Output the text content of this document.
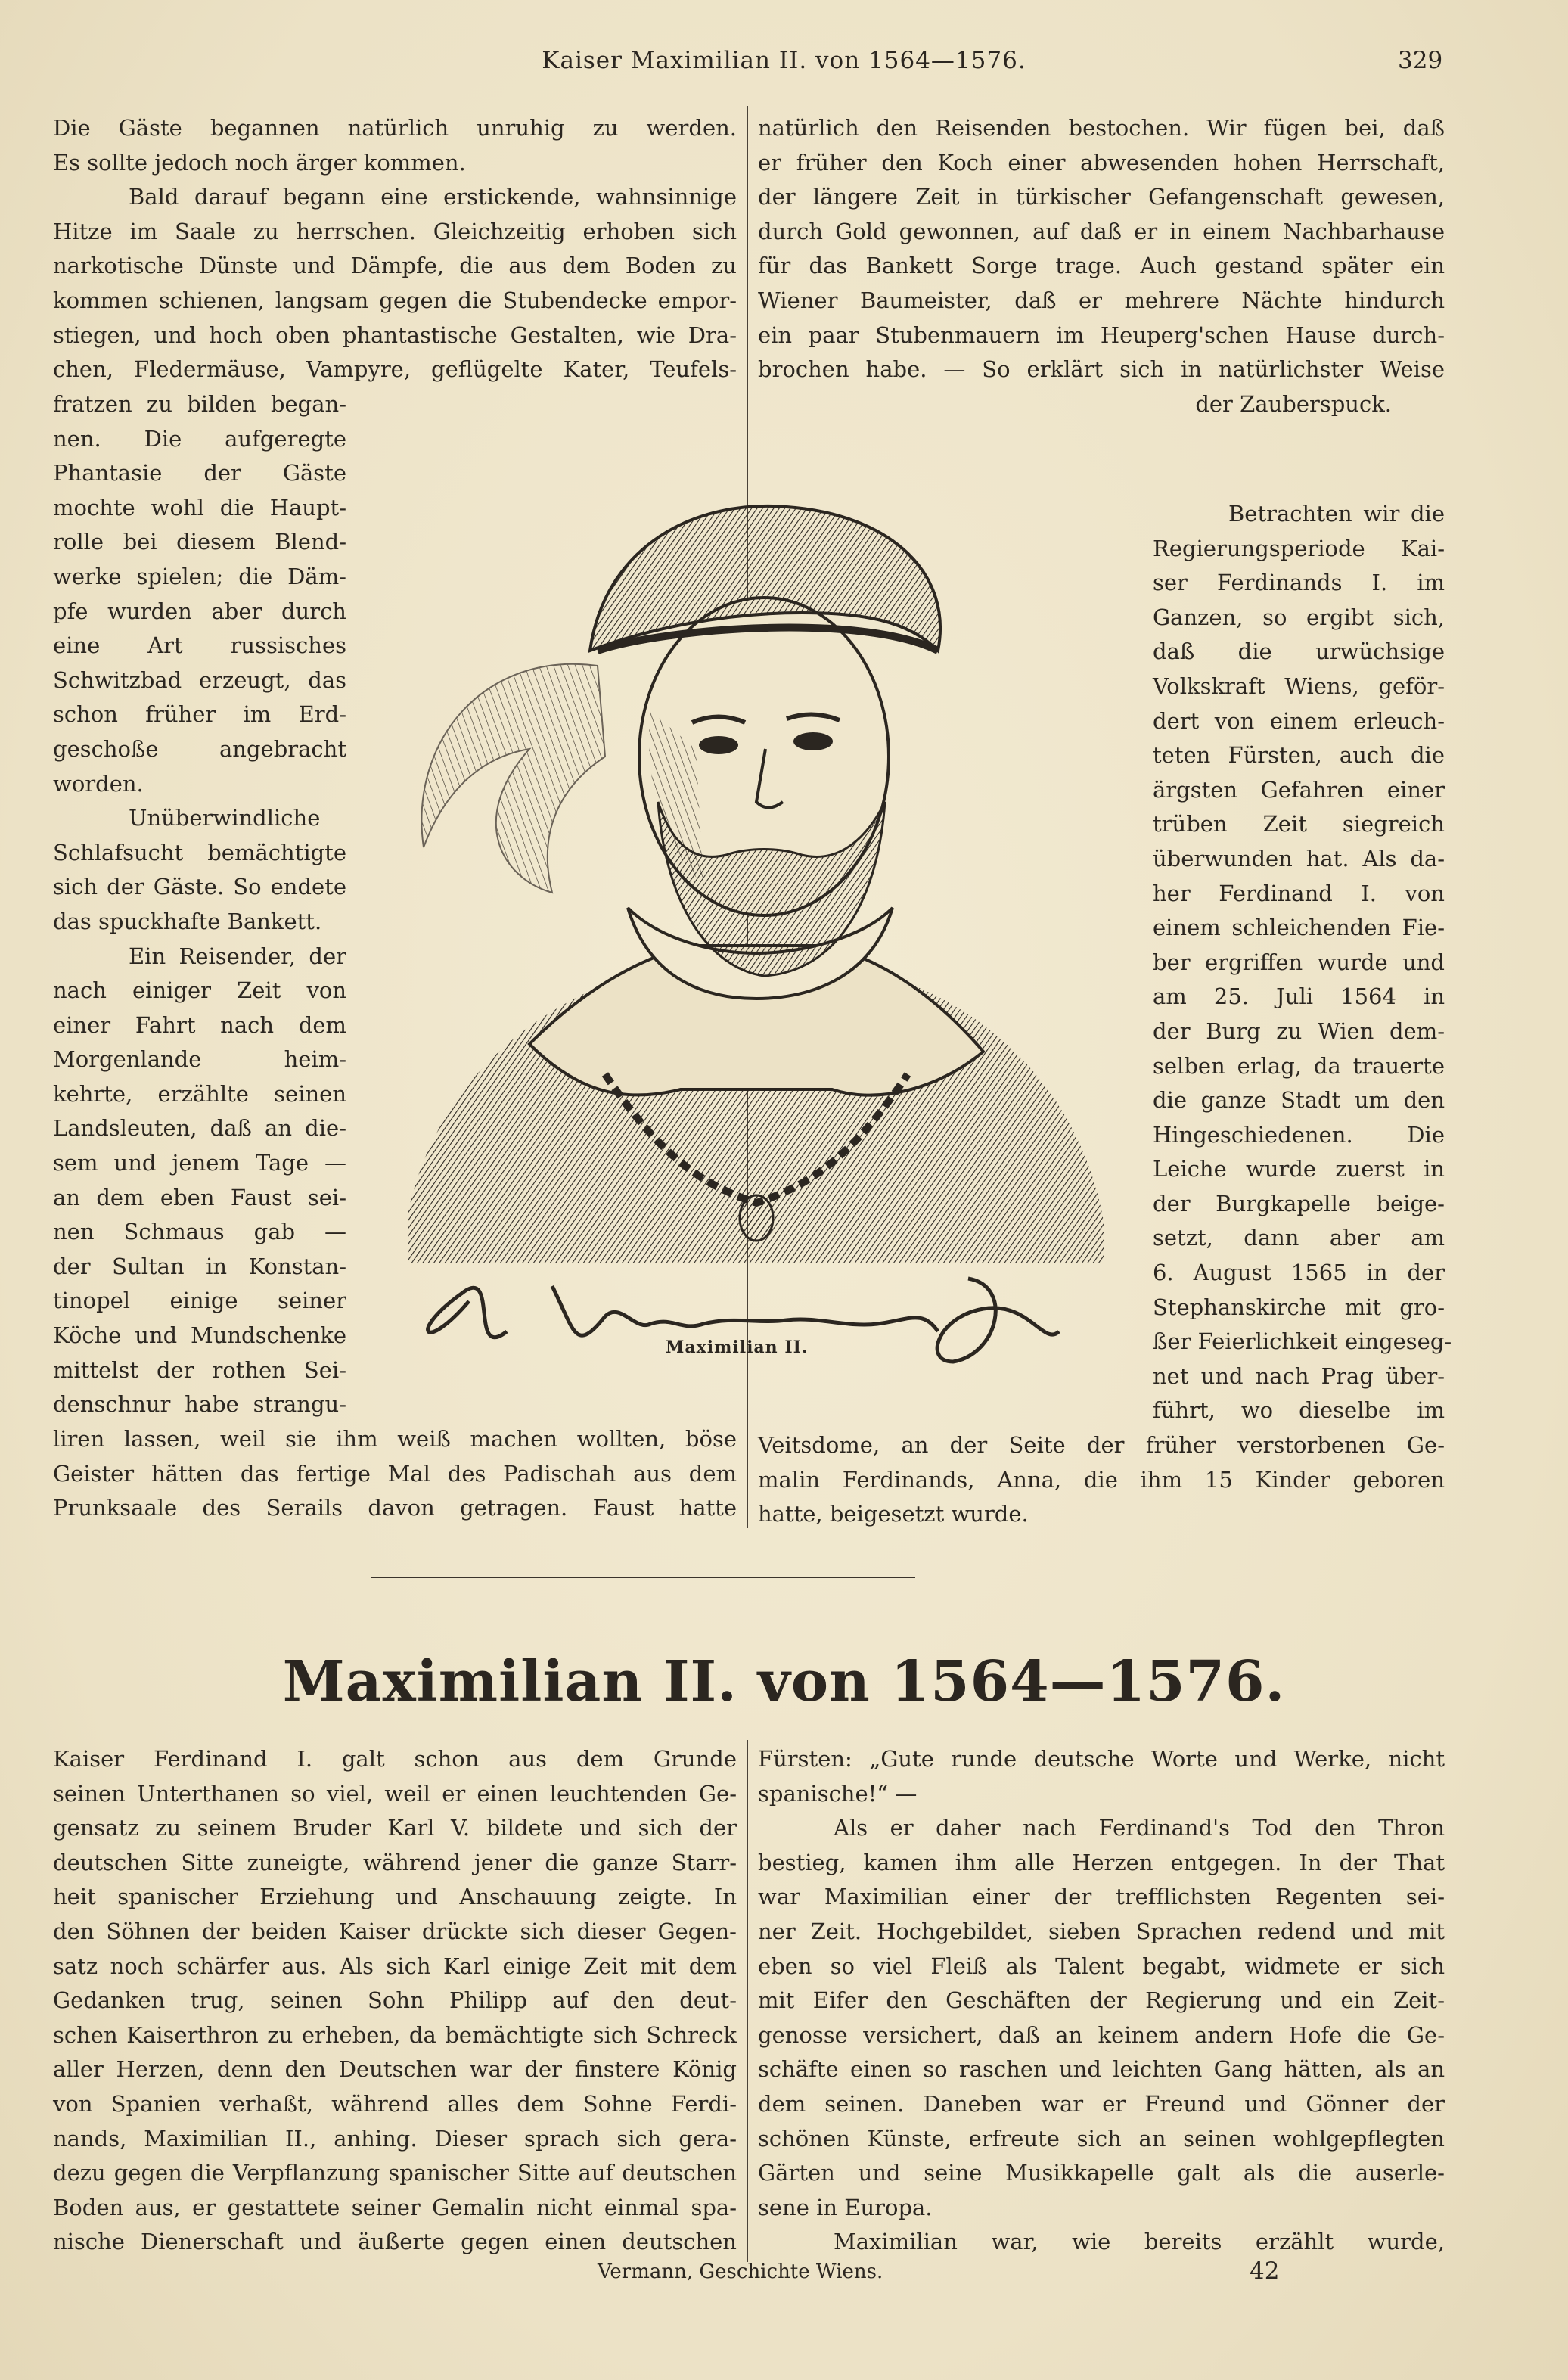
Kaiser Maximilian II. von 1564—1576.	329
Die Gäste begannen natürlich unruhig zu werden.
Es sollte jedoch noch ärger kommen.
Bald darauf begann eine erstickende, wahnsinnige
Hitze im Saale zu herrschen. Gleichzeitig erhoben sich
narkotische Dünste und Dämpfe, die aus dem Boden zu
kommen schienen, langsam gegen die Stubendecke empor-
stiegen, und hoch oben phantastische Gestalten, wie Dra-
chen, Fledermäuse, Vampyre, geflügelte Kater, Teufels-
fratzen zu bilden began-
nen. Die aufgeregte
Phantasie der Gäste
mochte wohl die Haupt-
rolle bei diesem Blend-
werke spielen; die Däm-
pfe wurden aber durch
eine Art russisches
Schwitzbad erzeugt, das
schon früher im Erd-
geschoße angebracht
worden.
Unüberwindliche
Schlafsucht bemächtigte
sich der Gäste. So endete
das spuckhafte Bankett.
Ein Reisender, der
nach einiger Zeit von
einer Fahrt nach dem
Morgenlande heim-
kehrte, erzählte seinen
Landsleuten, daß an die-
sem und jenem Tage —
an dem eben Faust sei-
nen Schmaus gab —
der Sultan in Konstan-
tinopel einige seiner
Köche und Mundschenke
mittelst der rothen Sei-
denschnur habe strangu-
liren lassen, weil sie ihm weiß machen wollten, böse
Geister hätten das fertige Mal des Padischah aus dem
Prunksaale des Serails davon getragen. Faust hatte
natürlich den Reisenden bestochen. Wir fügen bei, daß
er früher den Koch einer abwesenden hohen Herrschaft,
der längere Zeit in türkischer Gefangenschaft gewesen,
durch Gold gewonnen, auf daß er in einem Nachbarhause
für das Bankett Sorge trage. Auch gestand später ein
Wiener Baumeister, daß er mehrere Nächte hindurch
ein paar Stubenmauern im Heuperg'schen Hause durch-
brochen habe. — So erklärt sich in natürlichster Weise
der Zauberspuck.
Betrachten wir die
Regierungsperiode Kai-
ser Ferdinands I. im
Ganzen, so ergibt sich,
daß die urwüchsige
Volkskraft Wiens, geför-
dert von einem erleuch-
teten Fürsten, auch die
ärgsten Gefahren einer
trüben Zeit siegreich
überwunden hat. Als da-
her Ferdinand I. von
einem schleichenden Fie-
ber ergriffen wurde und
am 25. Juli 1564 in
der Burg zu Wien dem-
selben erlag, da trauerte
die ganze Stadt um den
Hingeschiedenen. Die
Leiche wurde zuerst in
der Burgkapelle beige-
setzt, dann aber am
6. August 1565 in der
Stephanskirche mit gro-
ßer Feierlichkeit eingeseg-
net und nach Prag über-
führt, wo dieselbe im
Veitsdome, an der Seite der früher verstorbenen Ge-
malin Ferdinands, Anna, die ihm 15 Kinder geboren
hatte, beigesetzt wurde.
Maximilian II.
Maximilian II. von 1564—1576.
Kaiser Ferdinand I. galt schon aus dem Grunde
seinen Unterthanen so viel, weil er einen leuchtenden Ge-
gensatz zu seinem Bruder Karl V. bildete und sich der
deutschen Sitte zuneigte, während jener die ganze Starr-
heit spanischer Erziehung und Anschauung zeigte. In
den Söhnen der beiden Kaiser drückte sich dieser Gegen-
satz noch schärfer aus. Als sich Karl einige Zeit mit dem
Gedanken trug, seinen Sohn Philipp auf den deut-
schen Kaiserthron zu erheben, da bemächtigte sich Schreck
aller Herzen, denn den Deutschen war der finstere König
von Spanien verhaßt, während alles dem Sohne Ferdi-
nands, Maximilian II., anhing. Dieser sprach sich gera-
dezu gegen die Verpflanzung spanischer Sitte auf deutschen
Boden aus, er gestattete seiner Gemalin nicht einmal spa-
nische Dienerschaft und äußerte gegen einen deutschen
Fürsten: „Gute runde deutsche Worte und Werke, nicht
spanische!“ —
Als er daher nach Ferdinand's Tod den Thron
bestieg, kamen ihm alle Herzen entgegen. In der That
war Maximilian einer der trefflichsten Regenten sei-
ner Zeit. Hochgebildet, sieben Sprachen redend und mit
eben so viel Fleiß als Talent begabt, widmete er sich
mit Eifer den Geschäften der Regierung und ein Zeit-
genosse versichert, daß an keinem andern Hofe die Ge-
schäfte einen so raschen und leichten Gang hätten, als an
dem seinen. Daneben war er Freund und Gönner der
schönen Künste, erfreute sich an seinen wohlgepflegten
Gärten und seine Musikkapelle galt als die auserle-
sene in Europa.
Maximilian war, wie bereits erzählt wurde,
Vermann, Geschichte Wiens.	42
